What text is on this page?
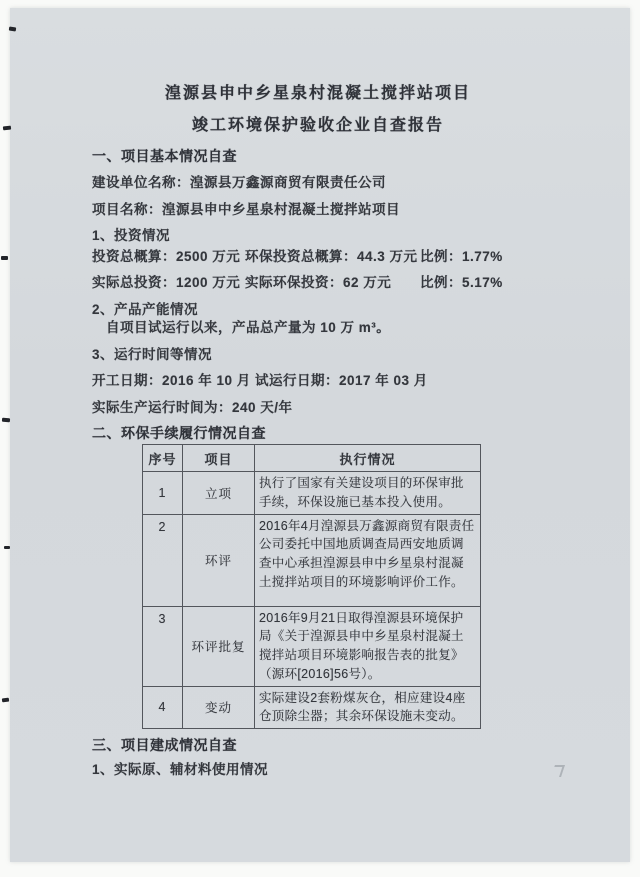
湟源县申中乡星泉村混凝土搅拌站项目
竣工环境保护验收企业自查报告
一、项目基本情况自查
建设单位名称：湟源县万鑫源商贸有限责任公司
项目名称：湟源县申中乡星泉村混凝土搅拌站项目
1、投资情况
投资总概算：2500 万元 环保投资总概算：44.3 万元 比例：1.77%
实际总投资：1200 万元 实际环保投资：62 万元	比例：5.17%
2、产品产能情况
自项目试运行以来，产品总产量为 10 万 m³。
3、运行时间等情况
开工日期：2016 年 10 月 试运行日期：2017 年 03 月
实际生产运行时间为：240 天/年
二、环保手续履行情况自查
序号	项目	执行情况
1	立项	执行了国家有关建设项目的环保审批手续，环保设施已基本投入使用。
2	环评	2016年4月湟源县万鑫源商贸有限责任公司委托中国地质调查局西安地质调查中心承担湟源县申中乡星泉村混凝土搅拌站项目的环境影响评价工作。
3	环评批复	2016年9月21日取得湟源县环境保护局《关于湟源县申中乡星泉村混凝土搅拌站项目环境影响报告表的批复》（源环[2016]56号）。
4	变动	实际建设2套粉煤灰仓，相应建设4座仓顶除尘器；其余环保设施未变动。
三、项目建成情况自查
1、实际原、辅材料使用情况
